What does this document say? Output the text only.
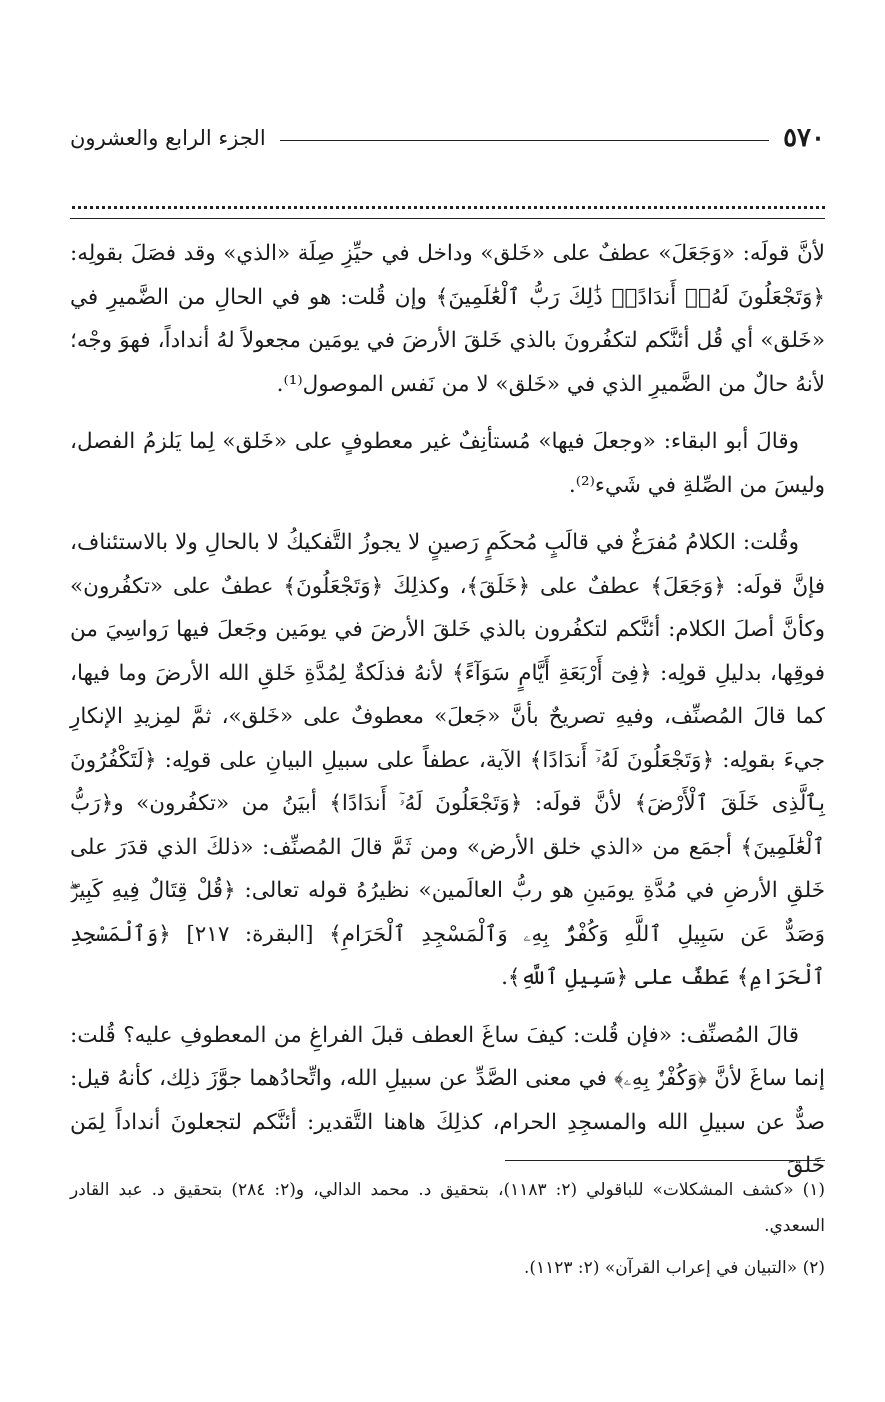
٥٧٠
الجزء الرابع والعشرون

لأنَّ قولَه: «وَجَعَلَ» عطفٌ على «خَلق» وداخل في حيِّزِ صِلَة «الذي» وقد فصَلَ بقولِه: ﴿وَتَجْعَلُونَ لَهُۥٓ أَندَادًاۚ ذَٰلِكَ رَبُّ ٱلْعَٰلَمِينَ﴾ وإن قُلت: هو في الحالِ من الضَّميرِ في «خَلق» أي قُل أئنَّكم لتكفُرونَ بالذي خَلقَ الأرضَ في يومَين مجعولاً لهُ أنداداً، فهوَ وجْه؛ لأنهُ حالٌ من الضَّميرِ الذي في «خَلق» لا من نَفس الموصول⁽¹⁾.

وقالَ أبو البقاء: «وجعلَ فيها» مُستأنِفٌ غير معطوفٍ على «خَلق» لِما يَلزمُ الفصل، وليسَ من الصِّلةِ في شَيء⁽²⁾.

وقُلت: الكلامُ مُفرَغٌ في قالَبٍ مُحكَمٍ رَصينٍ لا يجوزُ التَّفكيكُ لا بالحالِ ولا بالاستئناف، فإنَّ قولَه: ﴿وَجَعَلَ﴾ عطفٌ على ﴿خَلَقَ﴾، وكذلِكَ ﴿وَتَجْعَلُونَ﴾ عطفٌ على «تكفُرون» وكأنَّ أصلَ الكلام: أئنَّكم لتكفُرون بالذي خَلقَ الأرضَ في يومَين وجَعلَ فيها رَواسِيَ من فوقِها، بدليلِ قولِه: ﴿فِىٓ أَرْبَعَةِ أَيَّامٍ سَوَآءً﴾ لأنهُ فذلَكةٌ لِمُدَّةِ خَلقِ الله الأرضَ وما فيها، كما قالَ المُصنِّف، وفيهِ تصريحٌ بأنَّ «جَعلَ» معطوفٌ على «خَلق»، ثمَّ لمِزيدِ الإنكارِ جيءَ بقولِه: ﴿وَتَجْعَلُونَ لَهُۥٓ أَندَادًا﴾ الآية، عطفاً على سبيلِ البيانِ على قولِه: ﴿لَتَكْفُرُونَ بِٱلَّذِى خَلَقَ ٱلْأَرْضَ﴾ لأنَّ قولَه: ﴿وَتَجْعَلُونَ لَهُۥٓ أَندَادًا﴾ أبيَنُ من «تكفُرون» و﴿رَبُّ ٱلْعَٰلَمِينَ﴾ أجمَع من «الذي خلق الأرض» ومن ثَمَّ قالَ المُصنِّف: «ذلكَ الذي قدَرَ على خَلقِ الأرضِ في مُدَّةِ يومَينِ هو ربُّ العالَمين» نظيرُهُ قوله تعالى: ﴿قُلْ قِتَالٌ فِيهِ كَبِيرٌۖ وَصَدٌّ عَن سَبِيلِ ٱللَّهِ وَكُفْرٌۢ بِهِۦ وَٱلْمَسْجِدِ ٱلْحَرَامِ﴾ [البقرة: ٢١٧] ﴿وَٱلْمَسْجِدِ ٱلْحَرَامِ﴾ عَطفٌ على ﴿سَبِيلِ ٱللَّهِ﴾.

قالَ المُصنِّف: «فإن قُلت: كيفَ ساغَ العطف قبلَ الفراغِ من المعطوفِ عليه؟ قُلت: إنما ساغَ لأنَّ ﴿وَكُفْرٌۢ بِهِۦ﴾ في معنى الصَّدِّ عن سبيلِ الله، واتِّحادُهما جوَّزَ ذلِك، كأنهُ قيل: صدٌّ عن سبيلِ الله والمسجِدِ الحرام، كذلِكَ هاهنا التَّقدير: أئنَّكم لتجعلونَ أنداداً لِمَن خَلقَ

(١) «كشف المشكلات» للباقولي (٢: ١١٨٣)، بتحقيق د. محمد الدالي، و(٢: ٢٨٤) بتحقيق د. عبد القادر السعدي.

(٢) «التبيان في إعراب القرآن» (٢: ١١٢٣).
